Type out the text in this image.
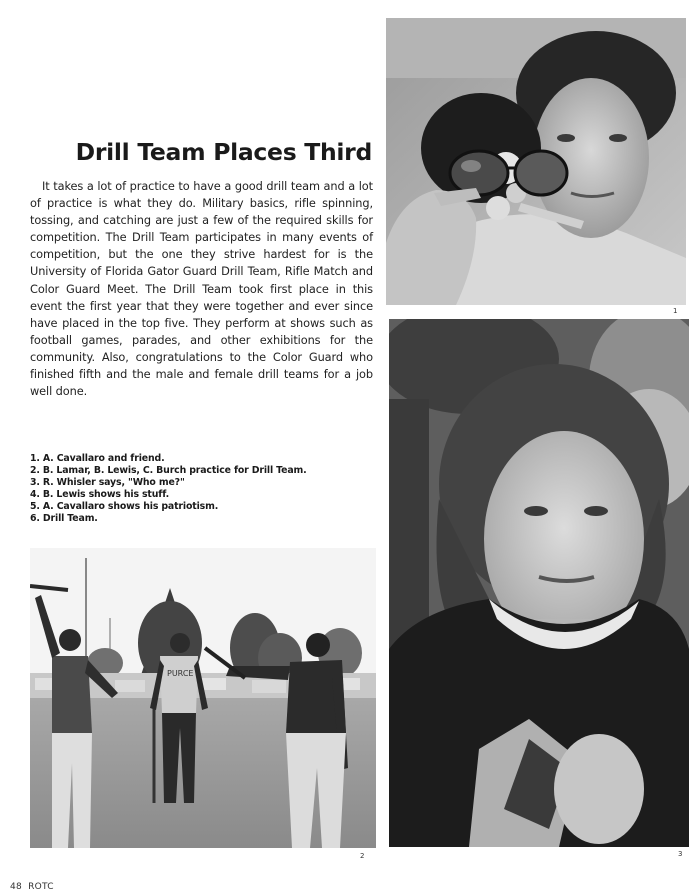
1
3
Drill Team Places Third

It takes a lot of practice to have a good drill team and a lot of practice is what they do. Military basics, rifle spinning, tossing, and catching are just a few of the required skills for competition. The Drill Team participates in many events of competition, but the one they strive hardest for is the University of Florida Gator Guard Drill Team, Rifle Match and Color Guard Meet. The Drill Team took first place in this event the first year that they were together and ever since have placed in the top five. They perform at shows such as football games, parades, and other exhibitions for the community. Also, congratulations to the Color Guard who finished fifth and the male and female drill teams for a job well done.

1. A. Cavallaro and friend.
2. B. Lamar, B. Lewis, C. Burch practice for Drill Team.
3. R. Whisler says, "Who me?"
4. B. Lewis shows his stuff.
5. A. Cavallaro shows his patriotism.
6. Drill Team.
PURCE
2
48 ROTC
